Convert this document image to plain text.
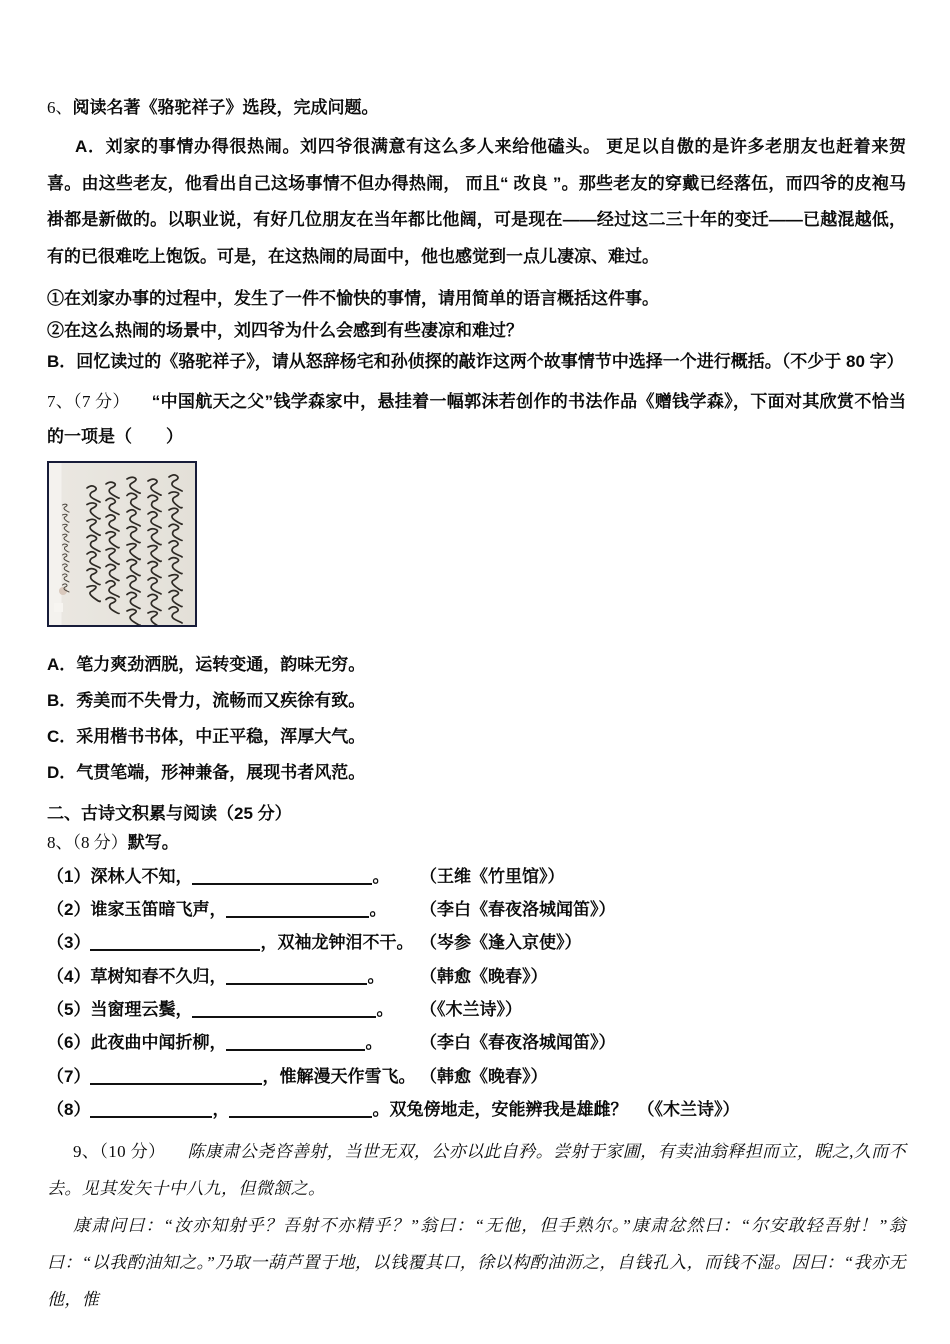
6、阅读名著《骆驼祥子》选段，完成问题。

A．刘家的事情办得很热闹。刘四爷很满意有这么多人来给他磕头。 更足以自傲的是许多老朋友也赶着来贺喜。由这些老友，他看出自己这场事情不但办得热闹， 而且“ 改良 ”。那些老友的穿戴已经落伍，而四爷的皮袍马褂都是新做的。以职业说，有好几位朋友在当年都比他阔，可是现在——经过这二三十年的变迁——已越混越低，有的已很难吃上饱饭。可是，在这热闹的局面中，他也感觉到一点儿凄凉、难过。

①在刘家办事的过程中，发生了一件不愉快的事情，请用简单的语言概括这件事。

②在这么热闹的场景中，刘四爷为什么会感到有些凄凉和难过？

B．回忆读过的《骆驼祥子》，请从怒辞杨宅和孙侦探的敲诈这两个故事情节中选择一个进行概括。（不少于 80 字）

7、（7 分） “中国航天之父”钱学森家中，悬挂着一幅郭沫若创作的书法作品《赠钱学森》，下面对其欣赏不恰当的一项是（　　）

A．笔力爽劲洒脱，运转变通，韵味无穷。
B．秀美而不失骨力，流畅而又疾徐有致。
C．采用楷书书体，中正平稳，浑厚大气。
D．气贯笔端，形神兼备，展现书者风范。

二、古诗文积累与阅读（25 分）

8、（8 分）默写。

（1）深林人不知，	。 （王维《竹里馆》）
（2）谁家玉笛暗飞声，	。 （李白《春夜洛城闻笛》）
（3）	，双袖龙钟泪不干。 （岑参《逢入京使》）
（4）草树知春不久归，	。 （韩愈《晚春》）
（5）当窗理云鬓，	。 （《木兰诗》）
（6）此夜曲中闻折柳，	。 （李白《春夜洛城闻笛》）
（7）	，惟解漫天作雪飞。 （韩愈《晚春》）
（8）	，	。双兔傍地走，安能辨我是雄雌？ （《木兰诗》）

9、（10 分） 陈康肃公尧咨善射，当世无双，公亦以此自矜。尝射于家圃，有卖油翁释担而立，睨之,久而不去。见其发矢十中八九，但微颔之。

康肃问曰：“汝亦知射乎？吾射不亦精乎？”翁曰：“无他，但手熟尔。”康肃忿然曰：“尔安敢轻吾射！”翁曰：“以我酌油知之。”乃取一葫芦置于地，以钱覆其口，徐以构酌油沥之，自钱孔入，而钱不湿。因曰：“我亦无他，惟
